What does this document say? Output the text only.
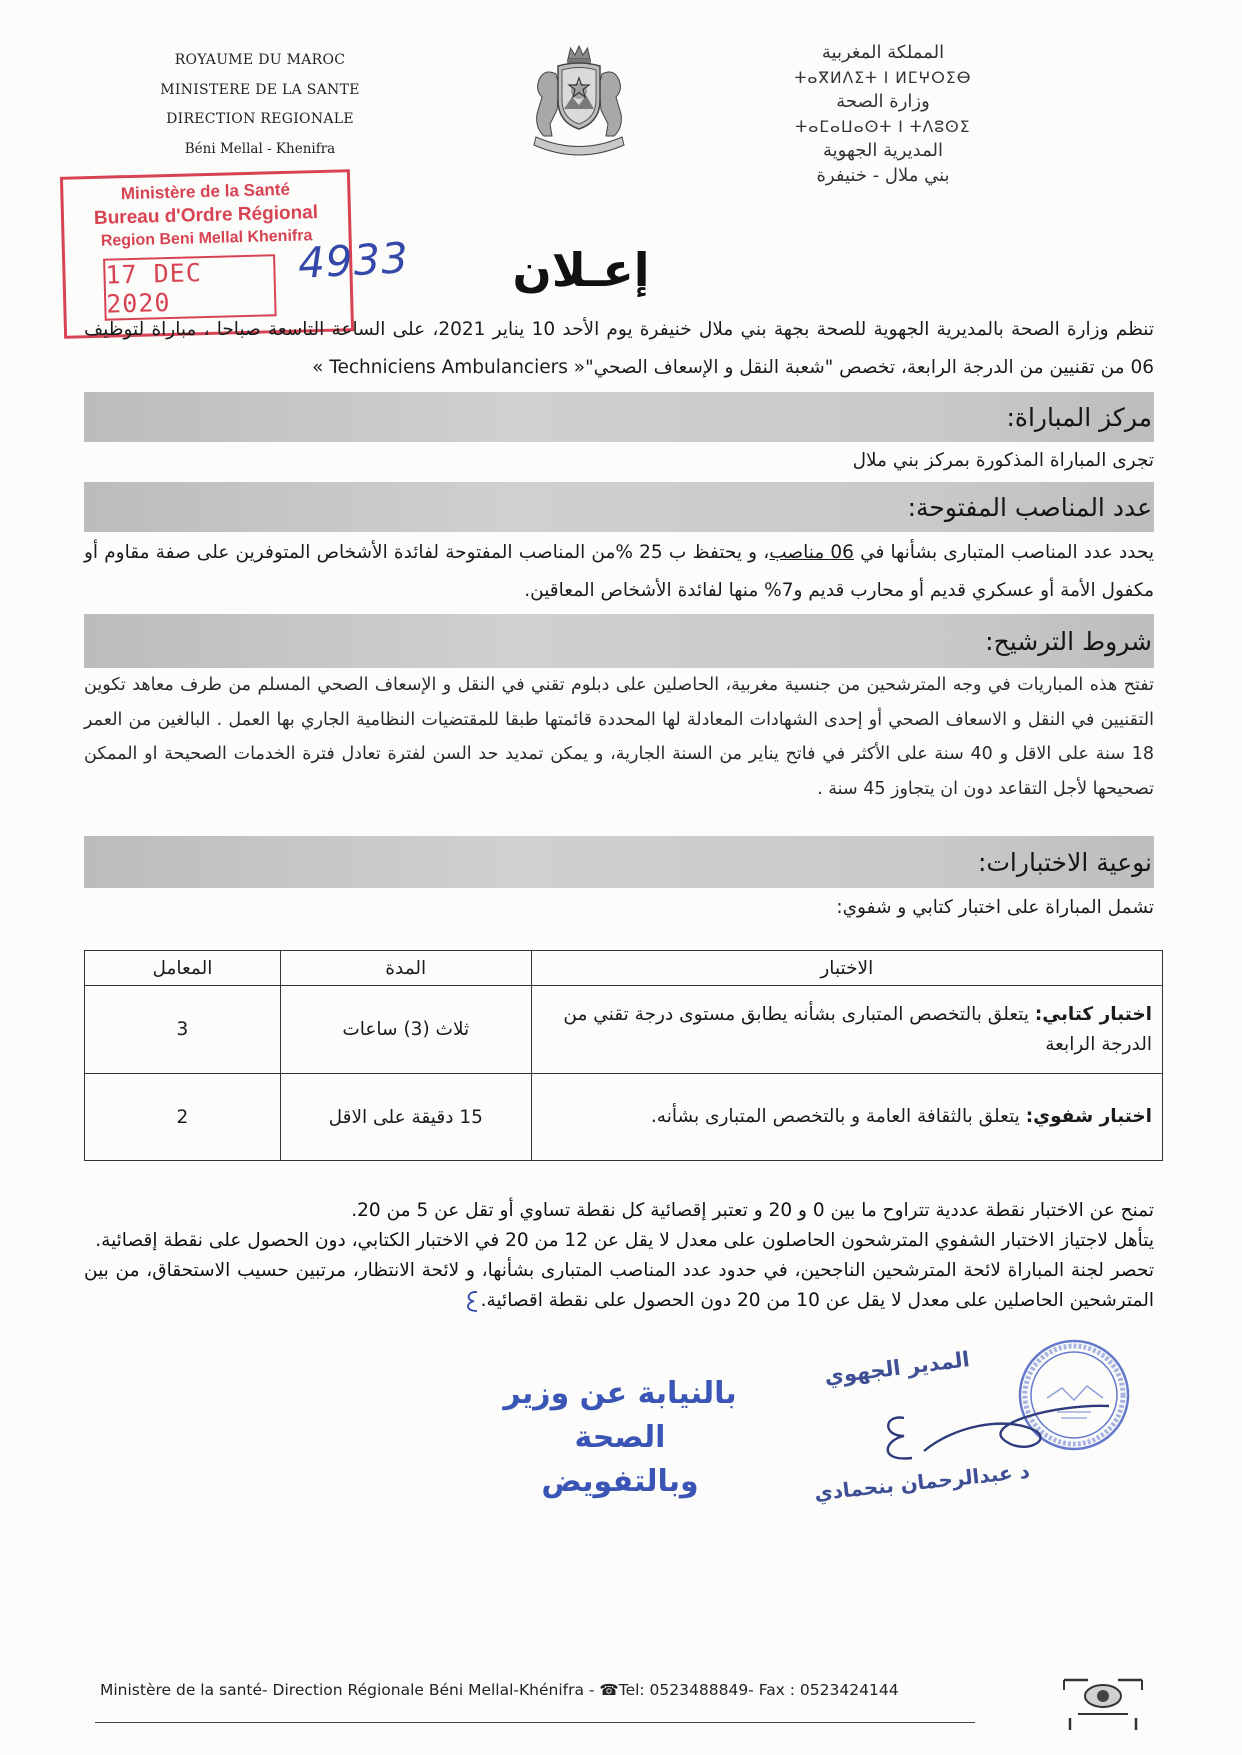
ROYAUME DU MAROC
MINISTERE DE LA SANTE
DIRECTION REGIONALE
Béni Mellal - Khenifra
المملكة المغربية
ⵜⴰⴳⵍⴷⵉⵜ ⵏ ⵍⵎⵖⵔⵉⴱ
وزارة الصحة
ⵜⴰⵎⴰⵡⴰⵙⵜ ⵏ ⵜⴷⵓⵙⵉ
المديرية الجهوية
بني ملال - خنيفرة
Ministère de la Santé
Bureau d'Ordre Régional
Region Beni Mellal Khenifra
17 DEC 2020
4933	إعـلان

تنظم وزارة الصحة بالمديرية الجهوية للصحة بجهة بني ملال خنيفرة يوم الأحد 10 يناير 2021، على الساعة التاسعة صباحا ، مباراة لتوظيف 06 من تقنيين من الدرجة الرابعة، تخصص "شعبة النقل و الإسعاف الصحي"« Techniciens Ambulanciers »

مركز المباراة:

تجرى المباراة المذكورة بمركز بني ملال

عدد المناصب المفتوحة:

يحدد عدد المناصب المتبارى بشأنها في 06 مناصب، و يحتفظ ب 25 %من المناصب المفتوحة لفائدة الأشخاص المتوفرين على صفة مقاوم أو مكفول الأمة أو عسكري قديم أو محارب قديم و7% منها لفائدة الأشخاص المعاقين.

شروط الترشيح:

تفتح هذه المباريات في وجه المترشحين من جنسية مغربية، الحاصلين على دبلوم تقني في النقل و الإسعاف الصحي المسلم من طرف معاهد تكوين التقنيين في النقل و الاسعاف الصحي أو إحدى الشهادات المعادلة لها المحددة قائمتها طبقا للمقتضيات النظامية الجاري بها العمل . البالغين من العمر 18 سنة على الاقل و 40 سنة على الأكثر في فاتح يناير من السنة الجارية، و يمكن تمديد حد السن لفترة تعادل فترة الخدمات الصحيحة او الممكن تصحيحها لأجل التقاعد دون ان يتجاوز 45 سنة .

نوعية الاختبارات:

تشمل المباراة على اختبار كتابي و شفوي:

الاختبار	المدة	المعامل
اختبار كتابي: يتعلق بالتخصص المتبارى بشأنه يطابق مستوى درجة تقني من الدرجة الرابعة	ثلاث (3) ساعات	3
اختبار شفوي: يتعلق بالثقافة العامة و بالتخصص المتبارى بشأنه.	15 دقيقة على الاقل	2

تمنح عن الاختبار نقطة عددية تتراوح ما بين 0 و 20 و تعتبر إقصائية كل نقطة تساوي أو تقل عن 5 من 20.

يتأهل لاجتياز الاختبار الشفوي المترشحون الحاصلون على معدل لا يقل عن 12 من 20 في الاختبار الكتابي، دون الحصول على نقطة إقصائية.

تحصر لجنة المباراة لائحة المترشحين الناجحين، في حدود عدد المناصب المتبارى بشأنها، و لائحة الانتظار، مرتبين حسيب الاستحقاق، من بين المترشحين الحاصلين على معدل لا يقل عن 10 من 20 دون الحصول على نقطة اقصائية.

بالنيابة عن وزير الصحة
وبالتفويض
المدير الجهوي
د عبدالرحمان بنحمادي
Ministère de la santé- Direction Régionale Béni Mellal-Khénifra - ☎Tel: 0523488849- Fax : 0523424144
